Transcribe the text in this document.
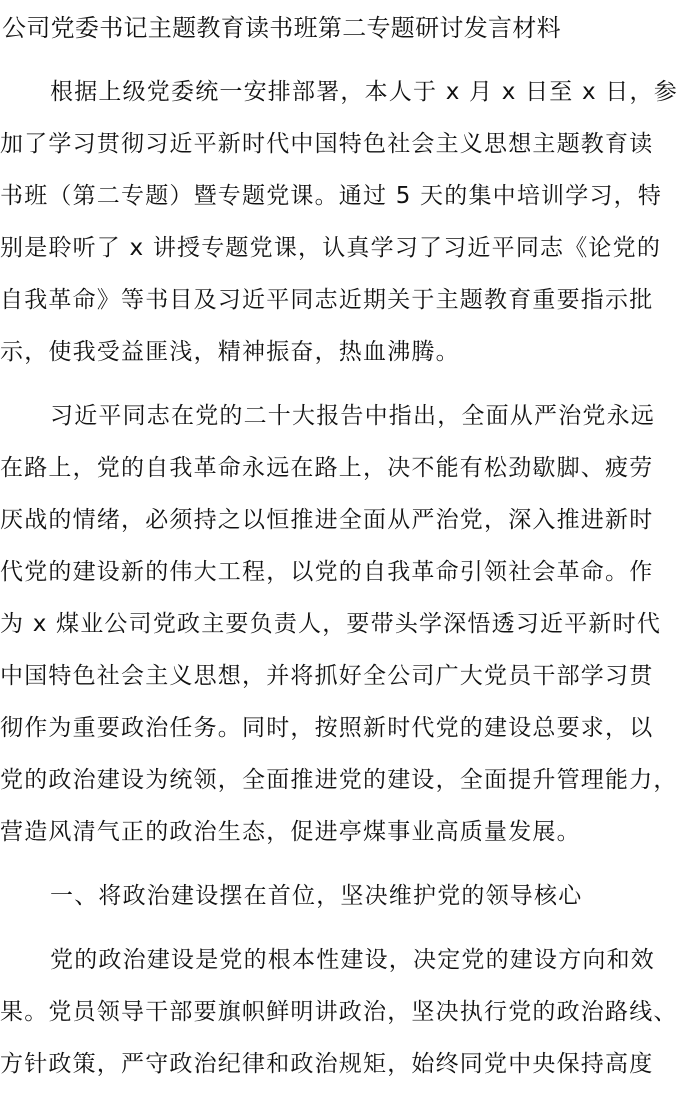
公司党委书记主题教育读书班第二专题研讨发言材料
根据上级党委统一安排部署，本人于 x 月 x 日至 x 日，参
加了学习贯彻习近平新时代中国特色社会主义思想主题教育读
书班（第二专题）暨专题党课。通过 5 天的集中培训学习，特
别是聆听了 x 讲授专题党课，认真学习了习近平同志《论党的
自我革命》等书目及习近平同志近期关于主题教育重要指示批
示，使我受益匪浅，精神振奋，热血沸腾。
习近平同志在党的二十大报告中指出，全面从严治党永远
在路上，党的自我革命永远在路上，决不能有松劲歇脚、疲劳
厌战的情绪，必须持之以恒推进全面从严治党，深入推进新时
代党的建设新的伟大工程，以党的自我革命引领社会革命。作
为 x 煤业公司党政主要负责人，要带头学深悟透习近平新时代
中国特色社会主义思想，并将抓好全公司广大党员干部学习贯
彻作为重要政治任务。同时，按照新时代党的建设总要求，以
党的政治建设为统领，全面推进党的建设，全面提升管理能力，
营造风清气正的政治生态，促进亭煤事业高质量发展。
一、将政治建设摆在首位，坚决维护党的领导核心
党的政治建设是党的根本性建设，决定党的建设方向和效
果。党员领导干部要旗帜鲜明讲政治，坚决执行党的政治路线、
方针政策，严守政治纪律和政治规矩，始终同党中央保持高度
